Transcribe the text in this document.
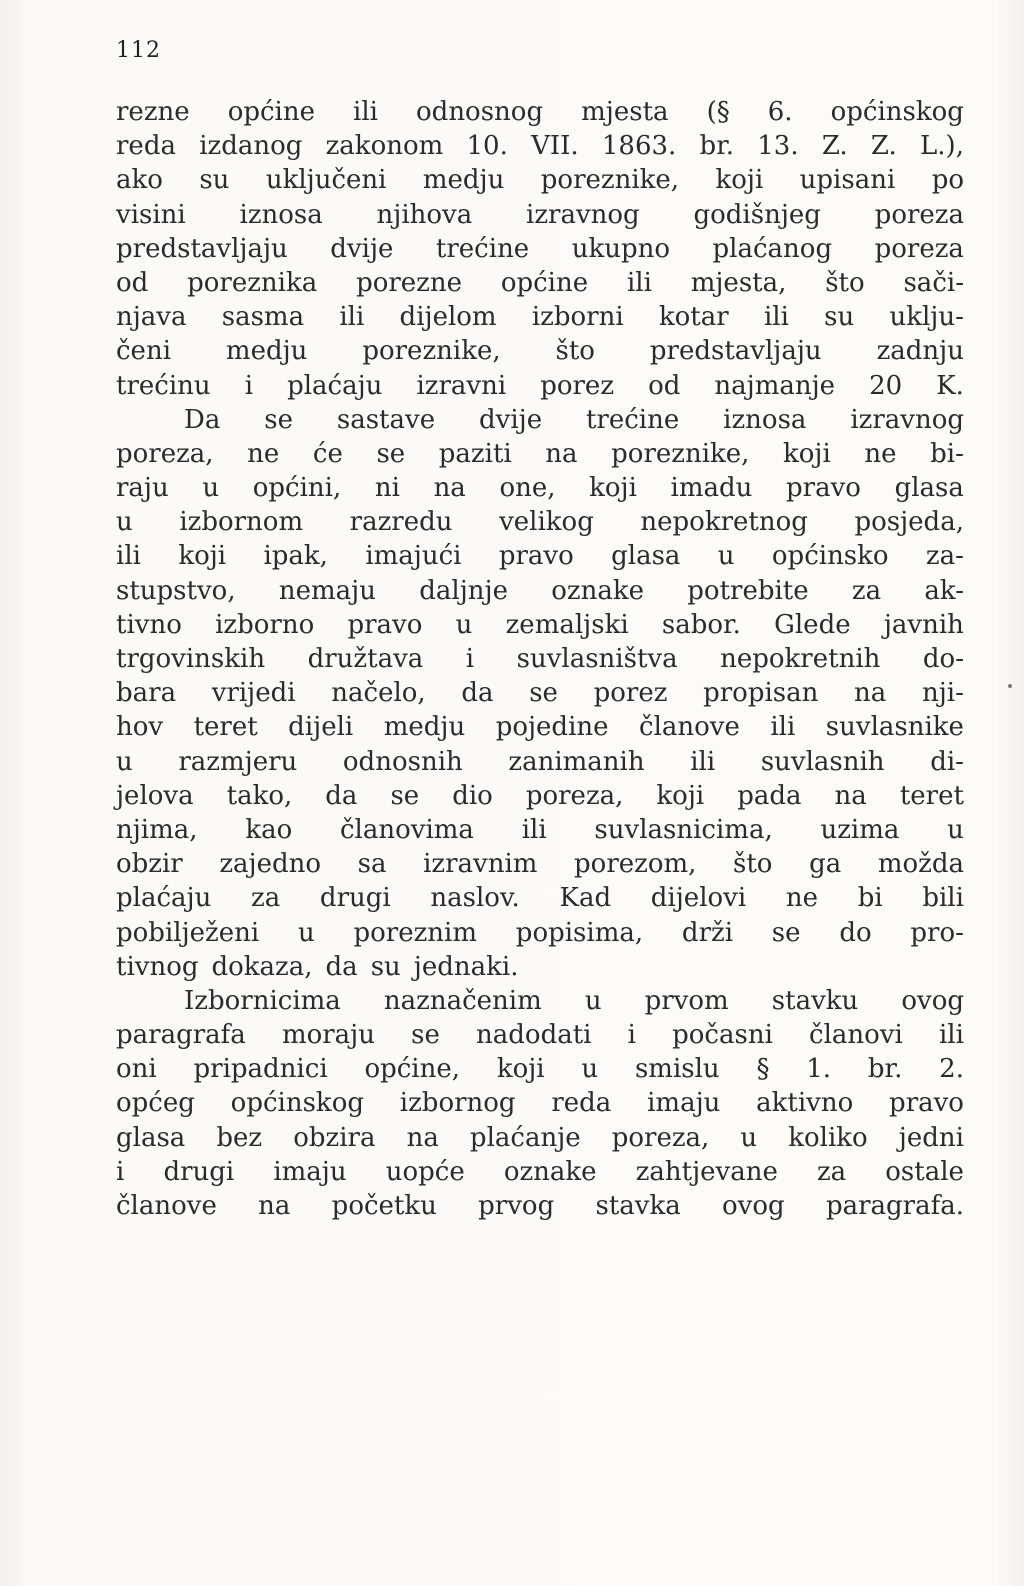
112
rezne općine ili odnosnog mjesta (§ 6. općinskog
reda izdanog zakonom 10. VII. 1863. br. 13. Z. Z. L.),
ako su uključeni medju poreznike, koji upisani po
visini iznosa njihova izravnog godišnjeg poreza
predstavljaju dvije trećine ukupno plaćanog poreza
od poreznika porezne općine ili mjesta, što sači-
njava sasma ili dijelom izborni kotar ili su uklju-
čeni medju poreznike, što predstavljaju zadnju
trećinu i plaćaju izravni porez od najmanje 20 K.
Da se sastave dvije trećine iznosa izravnog
poreza, ne će se paziti na poreznike, koji ne bi-
raju u općini, ni na one, koji imadu pravo glasa
u izbornom razredu velikog nepokretnog posjeda,
ili koji ipak, imajući pravo glasa u općinsko za-
stupstvo, nemaju daljnje oznake potrebite za ak-
tivno izborno pravo u zemaljski sabor. Glede javnih
trgovinskih družtava i suvlasništva nepokretnih do-
bara vrijedi načelo, da se porez propisan na nji-
hov teret dijeli medju pojedine članove ili suvlasnike
u razmjeru odnosnih zanimanih ili suvlasnih di-
jelova tako, da se dio poreza, koji pada na teret
njima, kao članovima ili suvlasnicima, uzima u
obzir zajedno sa izravnim porezom, što ga možda
plaćaju za drugi naslov. Kad dijelovi ne bi bili
pobilježeni u poreznim popisima, drži se do pro-
tivnog dokaza, da su jednaki.
Izbornicima naznačenim u prvom stavku ovog
paragrafa moraju se nadodati i počasni članovi ili
oni pripadnici općine, koji u smislu § 1. br. 2.
općeg općinskog izbornog reda imaju aktivno pravo
glasa bez obzira na plaćanje poreza, u koliko jedni
i drugi imaju uopće oznake zahtjevane za ostale
članove na početku prvog stavka ovog paragrafa.
